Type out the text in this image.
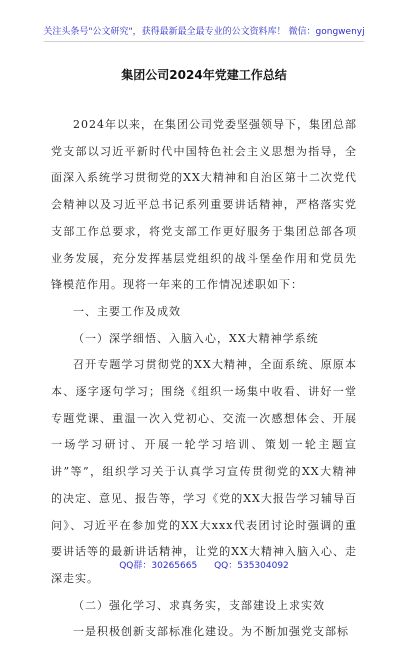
关注头条号"公文研究"，获得最新最全最专业的公文资料库！ 微信：gongwenyj
集团公司2024年党建工作总结

2024年以来，在集团公司党委坚强领导下，集团总部党支部以习近平新时代中国特色社会主义思想为指导，全面深入系统学习贯彻党的XX大精神和自治区第十二次党代会精神以及习近平总书记系列重要讲话精神，严格落实党支部工作总要求，将党支部工作更好服务于集团总部各项业务发展，充分发挥基层党组织的战斗堡垒作用和党员先锋模范作用。现将一年来的工作情况述职如下：

一、主要工作及成效

（一）深学细悟、入脑入心，XX大精神学系统

召开专题学习贯彻党的XX大精神，全面系统、原原本本、逐字逐句学习；围绕《组织一场集中收看、讲好一堂专题党课、重温一次入党初心、交流一次感想体会、开展一场学习研讨、开展一轮学习培训、策划一轮主题宣讲”等”，组织学习关于认真学习宣传贯彻党的XX大精神的决定、意见、报告等，学习《党的XX大报告学习辅导百问》、习近平在参加党的XX大xxx代表团讨论时强调的重要讲话等的最新讲话精神，让党的XX大精神入脑入心、走深走实。

（二）强化学习、求真务实，支部建设上求实效

一是积极创新支部标准化建设。为不断加强党支部标

QQ群：30265665 QQ：535304092
